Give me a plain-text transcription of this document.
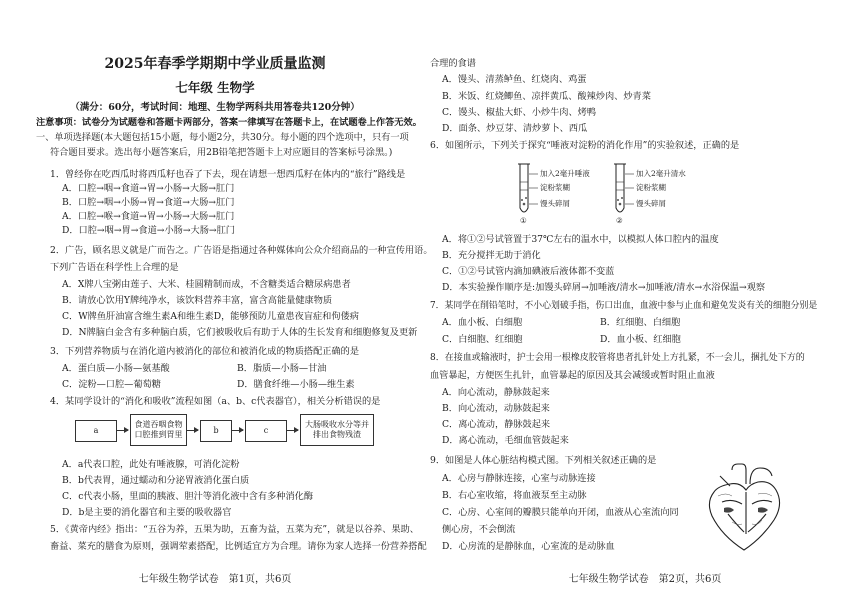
2025年春季学期期中学业质量监测
七年级 生物学
（满分：60分，考试时间：地理、生物学两科共用答卷共120分钟）
注意事项：试卷分为试题卷和答题卡两部分，答案一律填写在答题卡上，在试题卷上作答无效。
一、单项选择题(本大题包括15小题，每小题2分，共30分。每小题的四个选项中，只有一项
符合题目要求。选出每小题答案后，用2B铅笔把答题卡上对应题目的答案标号涂黑。)
1．曾经你在吃西瓜时将西瓜籽也吞了下去，现在请想一想西瓜籽在体内的“旅行”路线是
A．口腔→咽→食道→胃→小肠→大肠→肛门
B．口腔→咽→小肠→胃→食道→大肠→肛门
A．口腔→喉→食道→胃→小肠→大肠→肛门
D．口腔→咽→胃→食道→小肠→大肠→肛门
2．广告，顾名思义就是广而告之。广告语是指通过各种媒体向公众介绍商品的一种宣传用语。
下列广告语在科学性上合理的是
A．X牌八宝粥由莲子、大米、桂圆精制而成，不含糖类适合糖尿病患者
B．请放心饮用Y牌纯净水，该饮料营养丰富，富含高能量健康物质
C．W牌鱼肝油富含维生素A和维生素D，能够预防儿童患夜盲症和佝偻病
D．N牌脑白金含有多种脑白质，它们被吸收后有助于人体的生长发育和细胞修复及更新
3．下列营养物质与在消化道内被消化的部位和被消化成的物质搭配正确的是
A．蛋白质—小肠—氨基酸	B．脂质—小肠—甘油
C．淀粉—口腔—葡萄糖	D．膳食纤维—小肠—维生素
4．某同学设计的“消化和吸收”流程如图（a、b、c代表器官），相关分析错误的是
a
食道吞咽食物
口腔推到胃里	b	c
大肠吸收水分等并
排出食物残渣
A．a代表口腔，此处有唾液腺，可消化淀粉
B．b代表胃，通过蠕动和分泌胃液消化蛋白质
C．c代表小肠，里面的胰液、胆汁等消化液中含有多种消化酶
D．b是主要的消化器官和主要的吸收器官
5．《黄帝内经》指出：“五谷为养，五果为助，五畜为益，五菜为充”，就是以谷养、果助、
畜益、菜充的膳食为原则，强调荤素搭配，比例适宜方为合理。请你为家人选择一份营养搭配
七年级生物学试卷　第1页，共6页
合理的食谱
A．馒头、清蒸鲈鱼、红烧肉、鸡蛋
B．米饭、红烧鲫鱼、凉拌黄瓜、酸辣炒肉、炒青菜
C．馒头、椒盐大虾、小炒牛肉、烤鸭
D．面条、炒豆芽、清炒萝卜、西瓜
6．如图所示，下列关于探究“唾液对淀粉的消化作用”的实验叙述，正确的是
加入2毫升唾液
淀粉浆糊
馒头碎屑
加入2毫升清水
淀粉浆糊
馒头碎屑
①	②
A．将①②号试管置于37℃左右的温水中，以模拟人体口腔内的温度
B．充分搅拌无助于消化
C．①②号试管内滴加碘液后液体都不变蓝
D．本实验操作顺序是:加馒头碎屑→加唾液/清水→加唾液/清水→水浴保温→观察
7．某同学在削铅笔时，不小心划破手指，伤口出血，血液中参与止血和避免发炎有关的细胞分别是
A．血小板、白细胞	B．红细胞、白细胞
C．白细胞、红细胞	D．血小板、红细胞
8．在接血或输液时，护士会用一根橡皮胶管将患者扎针处上方扎紧，不一会儿，捆扎处下方的
血管暴起，方便医生扎针，血管暴起的原因及其会减缓或暂时阻止血液
A．向心流动，静脉鼓起来
B．向心流动，动脉鼓起来
C．离心流动，静脉鼓起来
D．离心流动，毛细血管鼓起来
9．如图是人体心脏结构模式图。下列相关叙述正确的是
A．心房与静脉连接，心室与动脉连接
B．右心室收缩，将血液泵至主动脉
C．心房、心室间的瓣膜只能单向开闭，血液从心室流向同
侧心房，不会倒流
D．心房流的是静脉血，心室流的是动脉血
七年级生物学试卷　第2页，共6页
